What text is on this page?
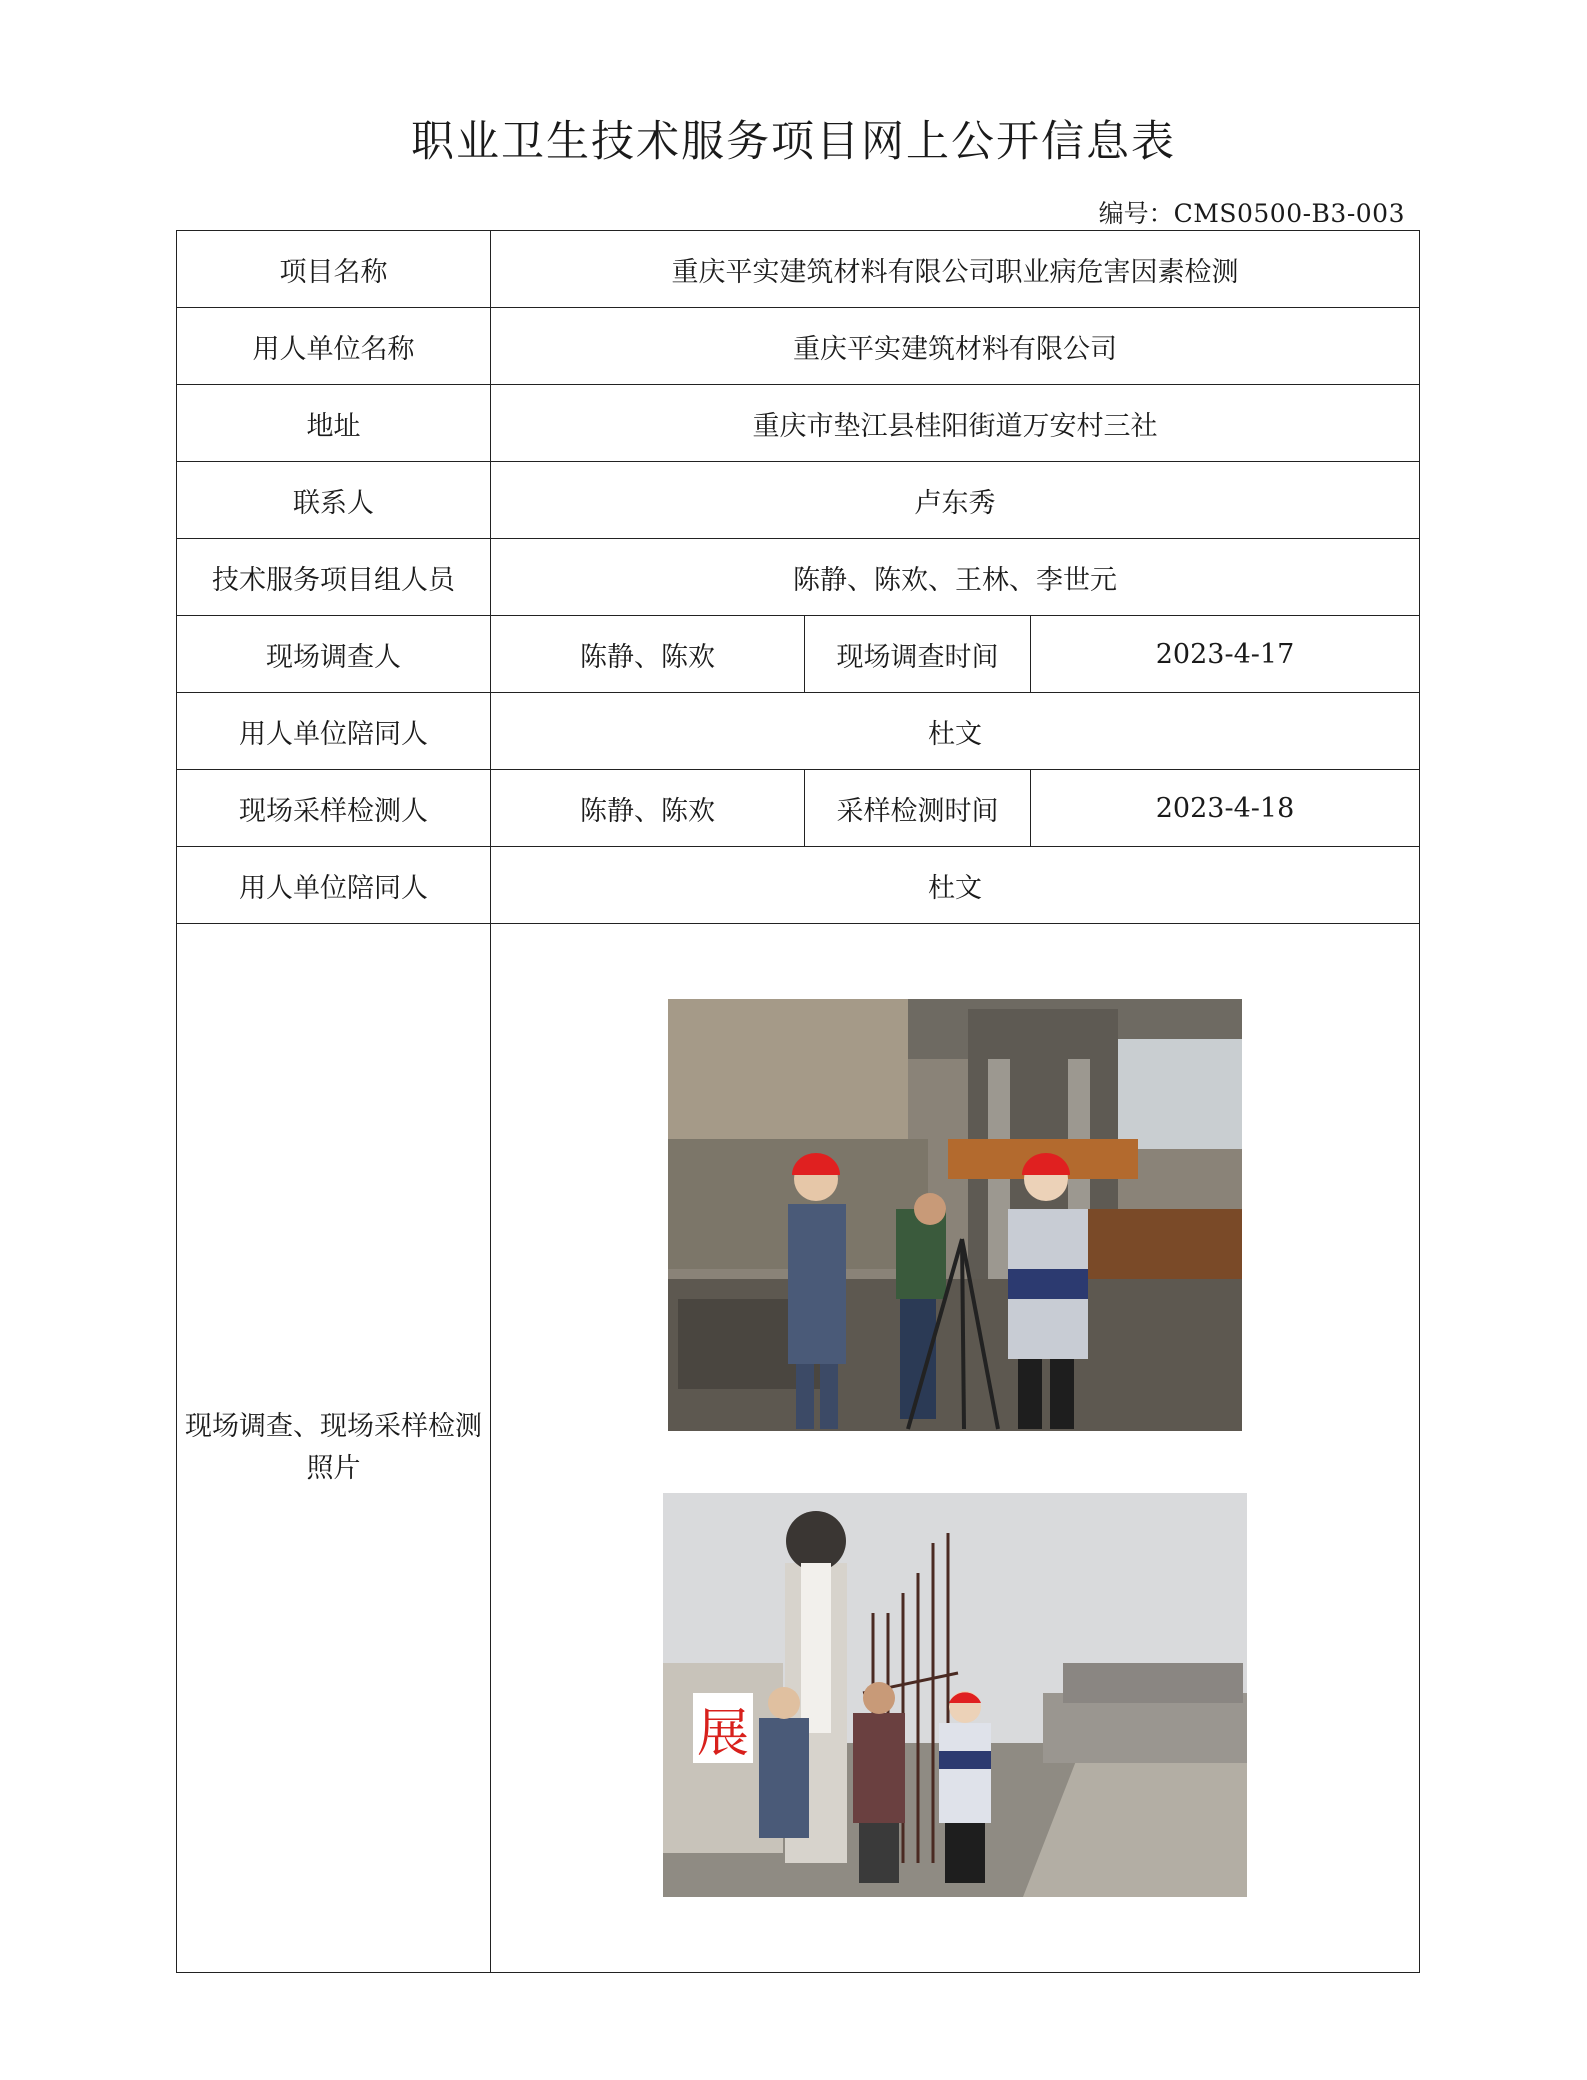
职业卫生技术服务项目网上公开信息表
编号：CMS0500-B3-003
项目名称	重庆平实建筑材料有限公司职业病危害因素检测		
用人单位名称	重庆平实建筑材料有限公司		
地址	重庆市垫江县桂阳街道万安村三社		
联系人	卢东秀		
技术服务项目组人员	陈静、陈欢、王林、李世元		
现场调查人	陈静、陈欢	现场调查时间	2023-4-17
用人单位陪同人	杜文		
现场采样检测人	陈静、陈欢	采样检测时间	2023-4-18
用人单位陪同人	杜文		
现场调查、现场采样检测照片	展		
